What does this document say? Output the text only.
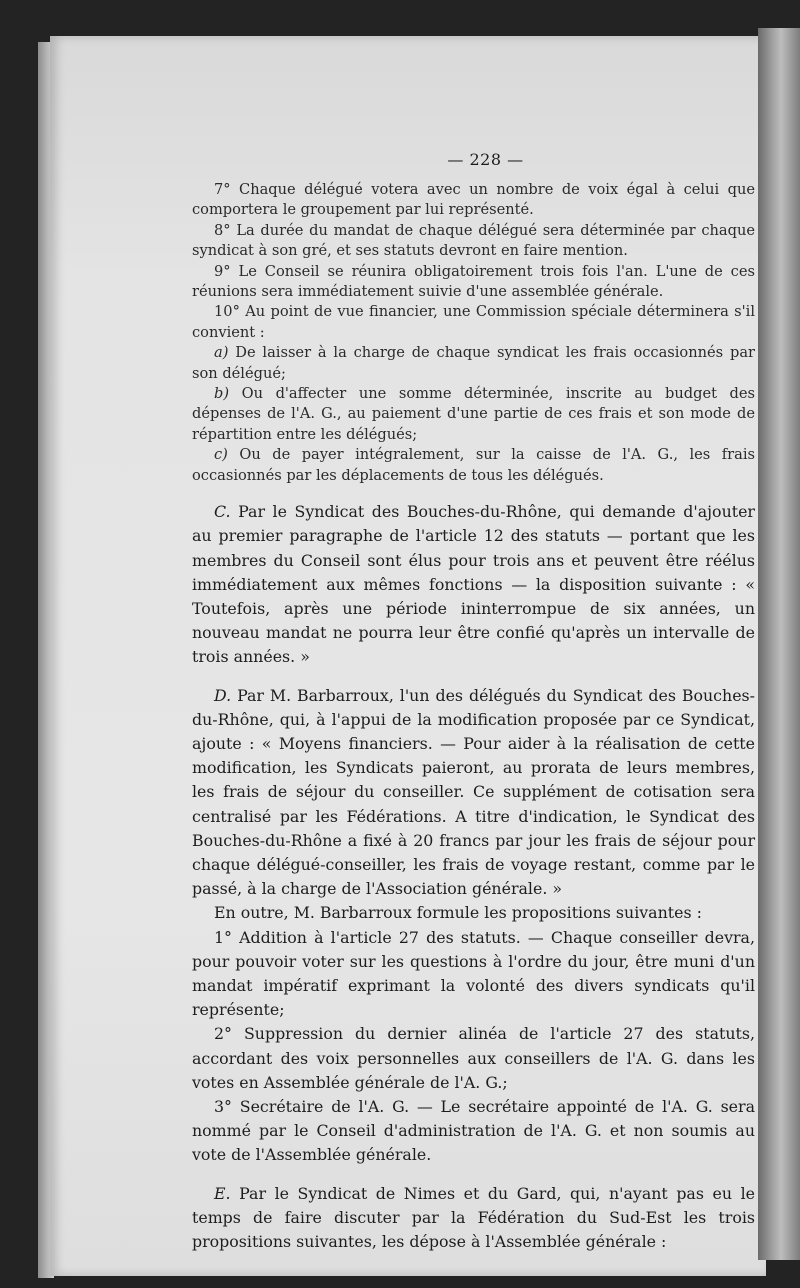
— 228 —

7° Chaque délégué votera avec un nombre de voix égal à celui que comportera le groupement par lui représenté.

8° La durée du mandat de chaque délégué sera déterminée par chaque syndicat à son gré, et ses statuts devront en faire mention.

9° Le Conseil se réunira obligatoirement trois fois l'an. L'une de ces réunions sera immédiatement suivie d'une assemblée générale.

10° Au point de vue financier, une Commission spéciale déterminera s'il convient :

a) De laisser à la charge de chaque syndicat les frais occasionnés par son délégué;

b) Ou d'affecter une somme déterminée, inscrite au budget des dépenses de l'A. G., au paiement d'une partie de ces frais et son mode de répartition entre les délégués;

c) Ou de payer intégralement, sur la caisse de l'A. G., les frais occasionnés par les déplacements de tous les délégués.

C. Par le Syndicat des Bouches-du-Rhône, qui demande d'ajouter au premier paragraphe de l'article 12 des statuts — portant que les membres du Conseil sont élus pour trois ans et peuvent être réélus immédiatement aux mêmes fonctions — la disposition suivante : « Toutefois, après une période ininterrompue de six années, un nouveau mandat ne pourra leur être confié qu'après un intervalle de trois années. »

D. Par M. Barbarroux, l'un des délégués du Syndicat des Bouches-du-Rhône, qui, à l'appui de la modification proposée par ce Syndicat, ajoute : « Moyens financiers. — Pour aider à la réalisation de cette modification, les Syndicats paieront, au prorata de leurs membres, les frais de séjour du conseiller. Ce supplément de cotisation sera centralisé par les Fédérations. A titre d'indication, le Syndicat des Bouches-du-Rhône a fixé à 20 francs par jour les frais de séjour pour chaque délégué-conseiller, les frais de voyage restant, comme par le passé, à la charge de l'Association générale. »

En outre, M. Barbarroux formule les propositions suivantes :

1° Addition à l'article 27 des statuts. — Chaque conseiller devra, pour pouvoir voter sur les questions à l'ordre du jour, être muni d'un mandat impératif exprimant la volonté des divers syndicats qu'il représente;

2° Suppression du dernier alinéa de l'article 27 des statuts, accordant des voix personnelles aux conseillers de l'A. G. dans les votes en Assemblée générale de l'A. G.;

3° Secrétaire de l'A. G. — Le secrétaire appointé de l'A. G. sera nommé par le Conseil d'administration de l'A. G. et non soumis au vote de l'Assemblée générale.

E. Par le Syndicat de Nimes et du Gard, qui, n'ayant pas eu le temps de faire discuter par la Fédération du Sud-Est les trois propositions suivantes, les dépose à l'Assemblée générale :
